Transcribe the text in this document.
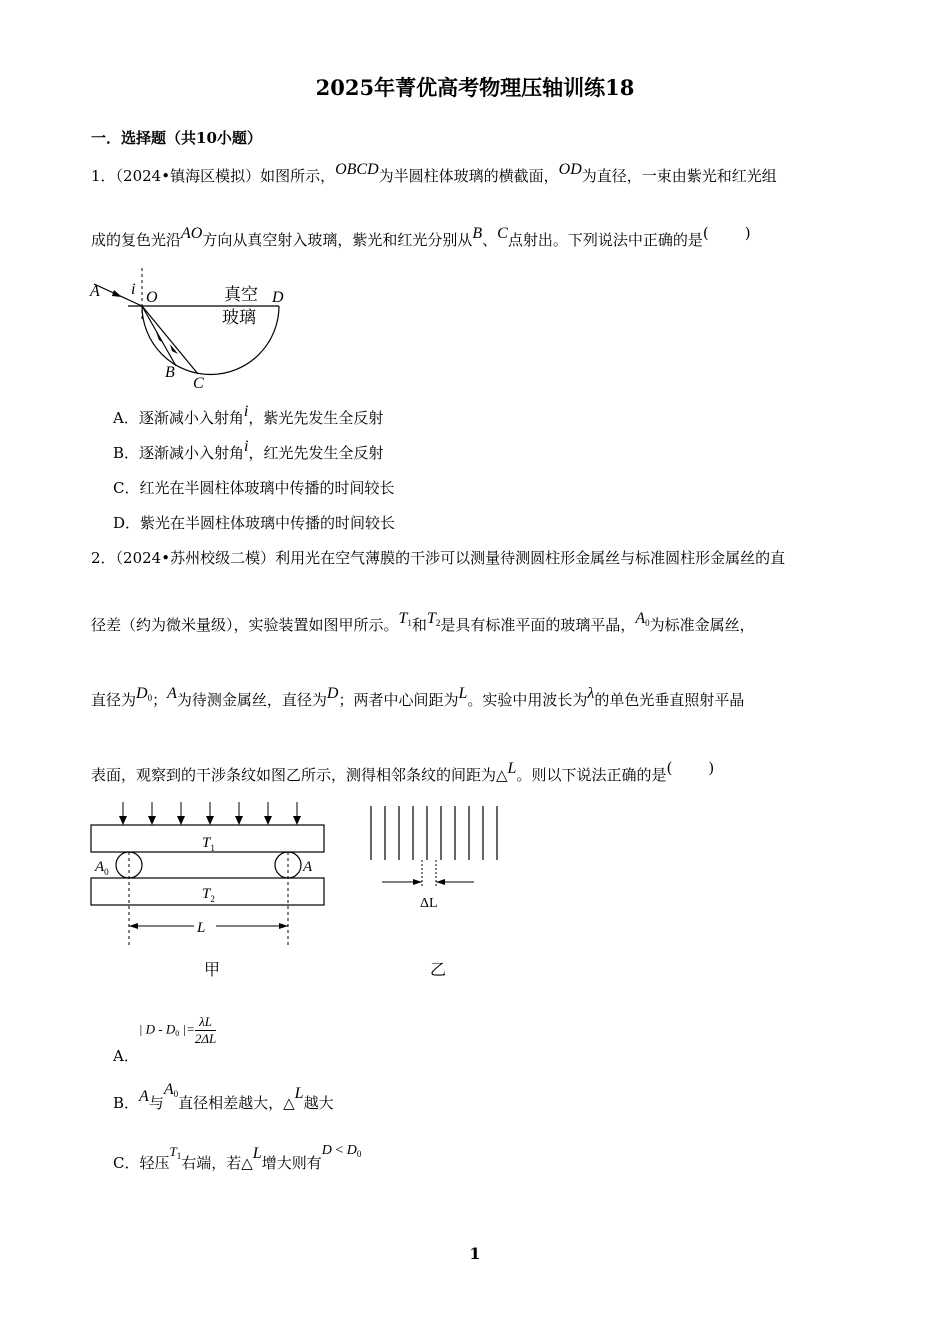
2025年菁优高考物理压轴训练18
一．选择题（共10小题）
1．（2024•镇海区模拟）如图所示，OBCD为半圆柱体玻璃的横截面，OD为直径，一束由紫光和红光组
成的复色光沿AO方向从真空射入玻璃，紫光和红光分别从B、C点射出。下列说法中正确的是( )
A i O	D
真空
玻璃
B
C
A．逐渐减小入射角i，紫光先发生全反射
B．逐渐减小入射角i，红光先发生全反射
C．红光在半圆柱体玻璃中传播的时间较长
D．紫光在半圆柱体玻璃中传播的时间较长
2．（2024•苏州校级二模）利用光在空气薄膜的干涉可以测量待测圆柱形金属丝与标准圆柱形金属丝的直
径差（约为微米量级），实验装置如图甲所示。T1和T2是具有标准平面的玻璃平晶，A0为标准金属丝，
直径为D0；A为待测金属丝，直径为D；两者中心间距为L。实验中用波长为λ的单色光垂直照射平晶
表面，观察到的干涉条纹如图乙所示，测得相邻条纹的间距为△L。则以下说法正确的是( )
$T_1$
$T_2$
$A_0$	A
L
ΔL
甲	乙
A．| D - $D_0$ |= $\frac{\lambda L}{2\Delta L}$
B．A与A0直径相差越大，△L越大
C．轻压$T_1$右端，若△L增大则有$D < D_0$
1
